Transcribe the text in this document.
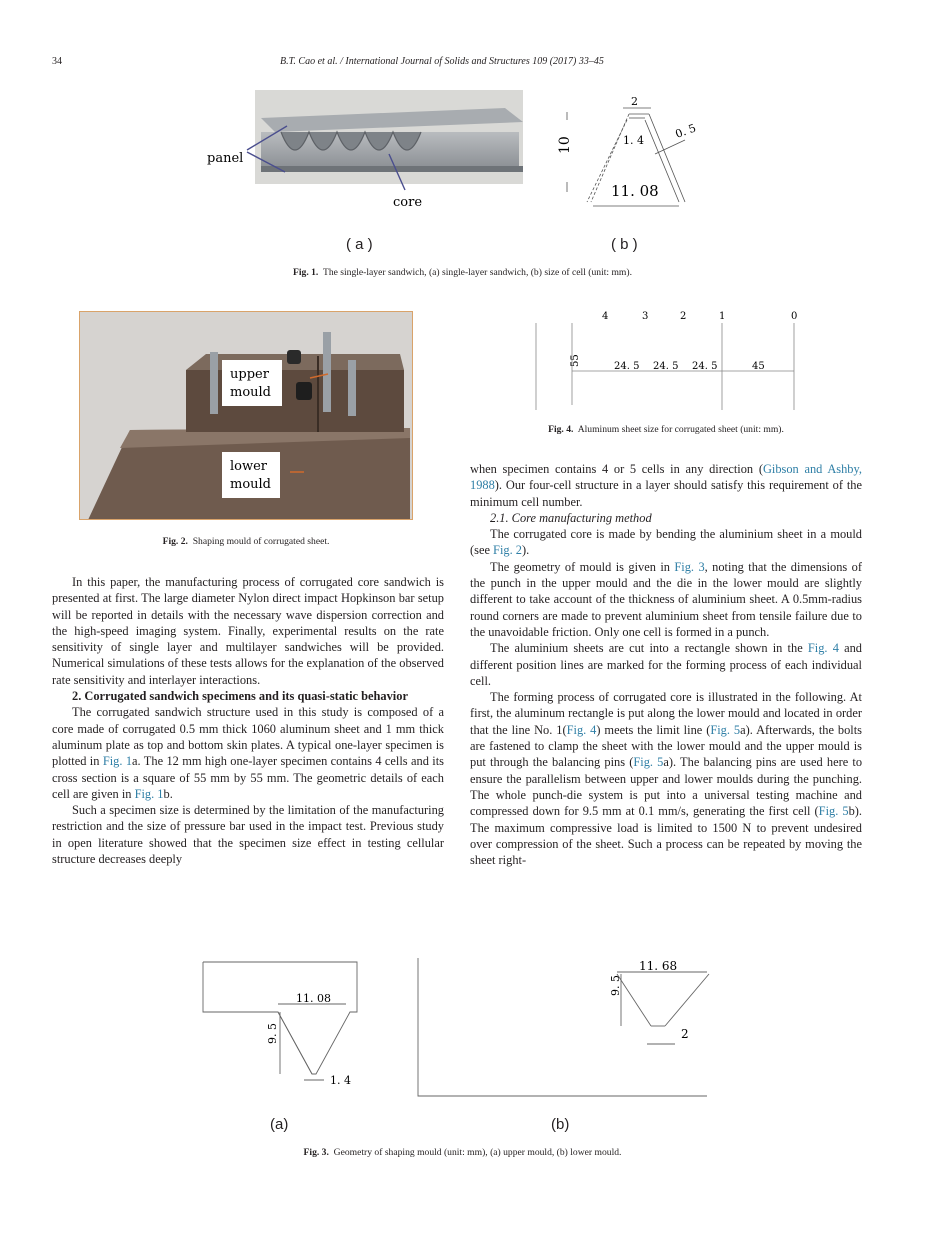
34	B.T. Cao et al. / International Journal of Solids and Structures 109 (2017) 33–45
panel
core
2
1. 4	0. 5
10
11. 08
( a )	( b )
Fig. 1. The single-layer sandwich, (a) single-layer sandwich, (b) size of cell (unit: mm).
upper
mould
lower
mould
Fig. 2. Shaping mould of corrugated sheet.
4	3	2	1	0
55	24. 5 24. 5 24. 5	45
Fig. 4. Aluminum sheet size for corrugated sheet (unit: mm).

In this paper, the manufacturing process of corrugated core sandwich is presented at first. The large diameter Nylon direct impact Hopkinson bar setup will be reported in details with the necessary wave dispersion correction and the high-speed imaging system. Finally, experimental results on the rate sensitivity of single layer and multilayer sandwiches will be provided. Numerical simulations of these tests allows for the explanation of the observed rate sensitivity and interlayer interactions.

2. Corrugated sandwich specimens and its quasi-static behavior

The corrugated sandwich structure used in this study is composed of a core made of corrugated 0.5 mm thick 1060 aluminum sheet and 1 mm thick aluminum plate as top and bottom skin plates. A typical one-layer specimen is plotted in Fig. 1a. The 12 mm high one-layer specimen contains 4 cells and its cross section is a square of 55 mm by 55 mm. The geometric details of each cell are given in Fig. 1b.

Such a specimen size is determined by the limitation of the manufacturing restriction and the size of pressure bar used in the impact test. Previous study in open literature showed that the specimen size effect in testing cellular structure decreases deeply

when specimen contains 4 or 5 cells in any direction (Gibson and Ashby, 1988). Our four-cell structure in a layer should satisfy this requirement of the minimum cell number.

2.1. Core manufacturing method

The corrugated core is made by bending the aluminium sheet in a mould (see Fig. 2).

The geometry of mould is given in Fig. 3, noting that the dimensions of the punch in the upper mould and the die in the lower mould are slightly different to take account of the thickness of aluminium sheet. A 0.5mm-radius round corners are made to prevent aluminium sheet from tensile failure due to the unavoidable friction. Only one cell is formed in a punch.

The aluminium sheets are cut into a rectangle shown in the Fig. 4 and different position lines are marked for the forming process of each individual cell.

The forming process of corrugated core is illustrated in the following. At first, the aluminum rectangle is put along the lower mould and located in order that the line No. 1(Fig. 4) meets the limit line (Fig. 5a). Afterwards, the bolts are fastened to clamp the sheet with the lower mould and the upper mould is put through the balancing pins (Fig. 5a). The balancing pins are used here to ensure the parallelism between upper and lower moulds during the punching. The whole punch-die system is put into a universal testing machine and compressed down for 9.5 mm at 0.1 mm/s, generating the first cell (Fig. 5b). The maximum compressive load is limited to 1500 N to prevent undesired over compression of the sheet. Such a process can be repeated by moving the sheet right-

11. 08
9. 5
1. 4
11. 68
9. 5
2
(a)	(b)
Fig. 3. Geometry of shaping mould (unit: mm), (a) upper mould, (b) lower mould.
